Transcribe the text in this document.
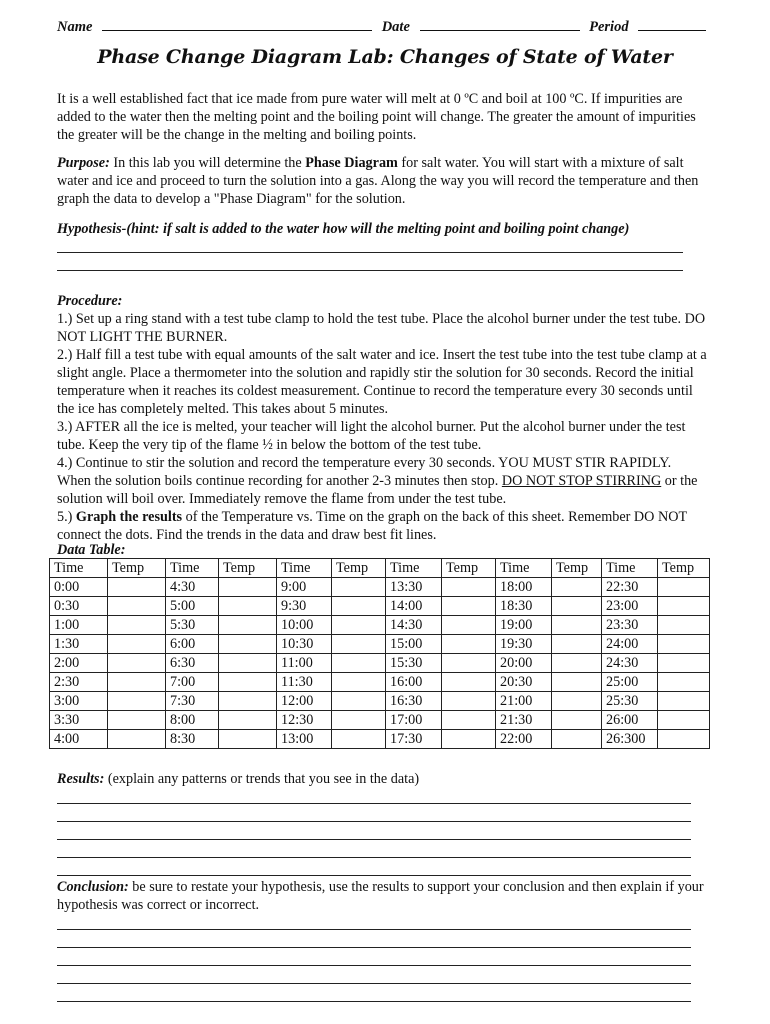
Name	Date	Period
Phase Change Diagram Lab: Changes of State of Water
It is a well established fact that ice made from pure water will melt at 0 ºC and boil at 100 ºC. If impurities are added to the water then the melting point and the boiling point will change. The greater the amount of impurities the greater will be the change in the melting and boiling points.
Purpose: In this lab you will determine the Phase Diagram for salt water. You will start with a mixture of salt water and ice and proceed to turn the solution into a gas. Along the way you will record the temperature and then graph the data to develop a "Phase Diagram" for the solution.
Hypothesis-(hint: if salt is added to the water how will the melting point and boiling point change)
Procedure:
1.) Set up a ring stand with a test tube clamp to hold the test tube. Place the alcohol burner under the test tube. DO NOT LIGHT THE BURNER.
2.) Half fill a test tube with equal amounts of the salt water and ice. Insert the test tube into the test tube clamp at a slight angle. Place a thermometer into the solution and rapidly stir the solution for 30 seconds. Record the initial temperature when it reaches its coldest measurement. Continue to record the temperature every 30 seconds until the ice has completely melted. This takes about 5 minutes.
3.) AFTER all the ice is melted, your teacher will light the alcohol burner. Put the alcohol burner under the test tube. Keep the very tip of the flame ½ in below the bottom of the test tube.
4.) Continue to stir the solution and record the temperature every 30 seconds. YOU MUST STIR RAPIDLY. When the solution boils continue recording for another 2-3 minutes then stop. DO NOT STOP STIRRING or the solution will boil over. Immediately remove the flame from under the test tube.
5.) Graph the results of the Temperature vs. Time on the graph on the back of this sheet. Remember DO NOT connect the dots. Find the trends in the data and draw best fit lines.
Data Table:
Time	Temp	Time	Temp	Time	Temp	Time	Temp	Time	Temp	Time	Temp
0:00		4:30		9:00		13:30		18:00		22:30	
0:30		5:00		9:30		14:00		18:30		23:00	
1:00		5:30		10:00		14:30		19:00		23:30	
1:30		6:00		10:30		15:00		19:30		24:00	
2:00		6:30		11:00		15:30		20:00		24:30	
2:30		7:00		11:30		16:00		20:30		25:00	
3:00		7:30		12:00		16:30		21:00		25:30	
3:30		8:00		12:30		17:00		21:30		26:00	
4:00		8:30		13:00		17:30		22:00		26:300	
Results: (explain any patterns or trends that you see in the data)
Conclusion: be sure to restate your hypothesis, use the results to support your conclusion and then explain if your hypothesis was correct or incorrect.
